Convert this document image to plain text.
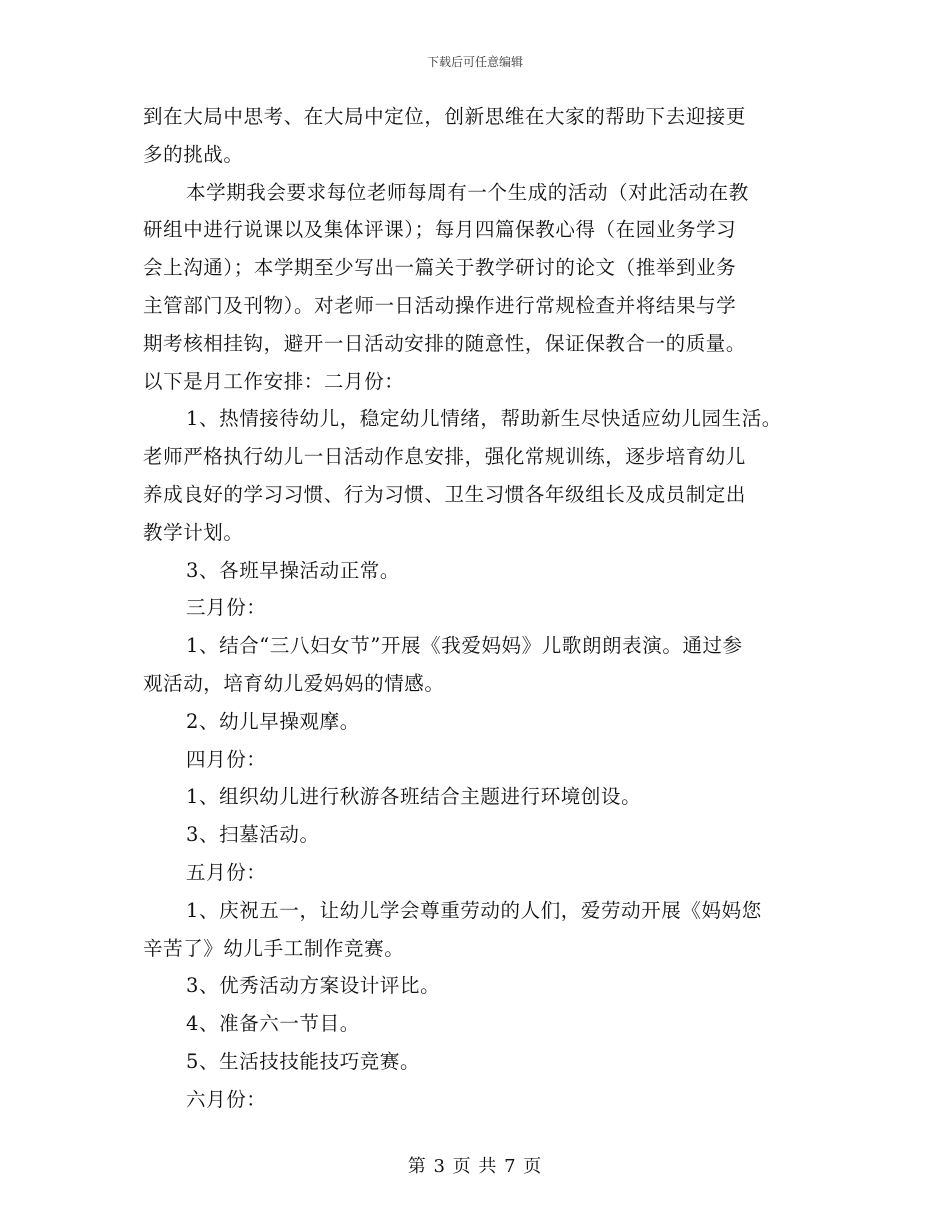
下载后可任意编辑
到在大局中思考、在大局中定位，创新思维在大家的帮助下去迎接更
多的挑战。
本学期我会要求每位老师每周有一个生成的活动（对此活动在教
研组中进行说课以及集体评课）；每月四篇保教心得（在园业务学习
会上沟通）；本学期至少写出一篇关于教学研讨的论文（推举到业务
主管部门及刊物）。对老师一日活动操作进行常规检查并将结果与学
期考核相挂钩，避开一日活动安排的随意性，保证保教合一的质量。
以下是月工作安排：二月份：
1、热情接待幼儿，稳定幼儿情绪，帮助新生尽快适应幼儿园生活。
老师严格执行幼儿一日活动作息安排，强化常规训练，逐步培育幼儿
养成良好的学习习惯、行为习惯、卫生习惯各年级组长及成员制定出
教学计划。
3、各班早操活动正常。
三月份：
1、结合“三八妇女节”开展《我爱妈妈》儿歌朗朗表演。通过参
观活动，培育幼儿爱妈妈的情感。
2、幼儿早操观摩。
四月份：
1、组织幼儿进行秋游各班结合主题进行环境创设。
3、扫墓活动。
五月份：
1、庆祝五一，让幼儿学会尊重劳动的人们，爱劳动开展《妈妈您
辛苦了》幼儿手工制作竞赛。
3、优秀活动方案设计评比。
4、准备六一节目。
5、生活技技能技巧竞赛。
六月份：
第 3 页 共 7 页
